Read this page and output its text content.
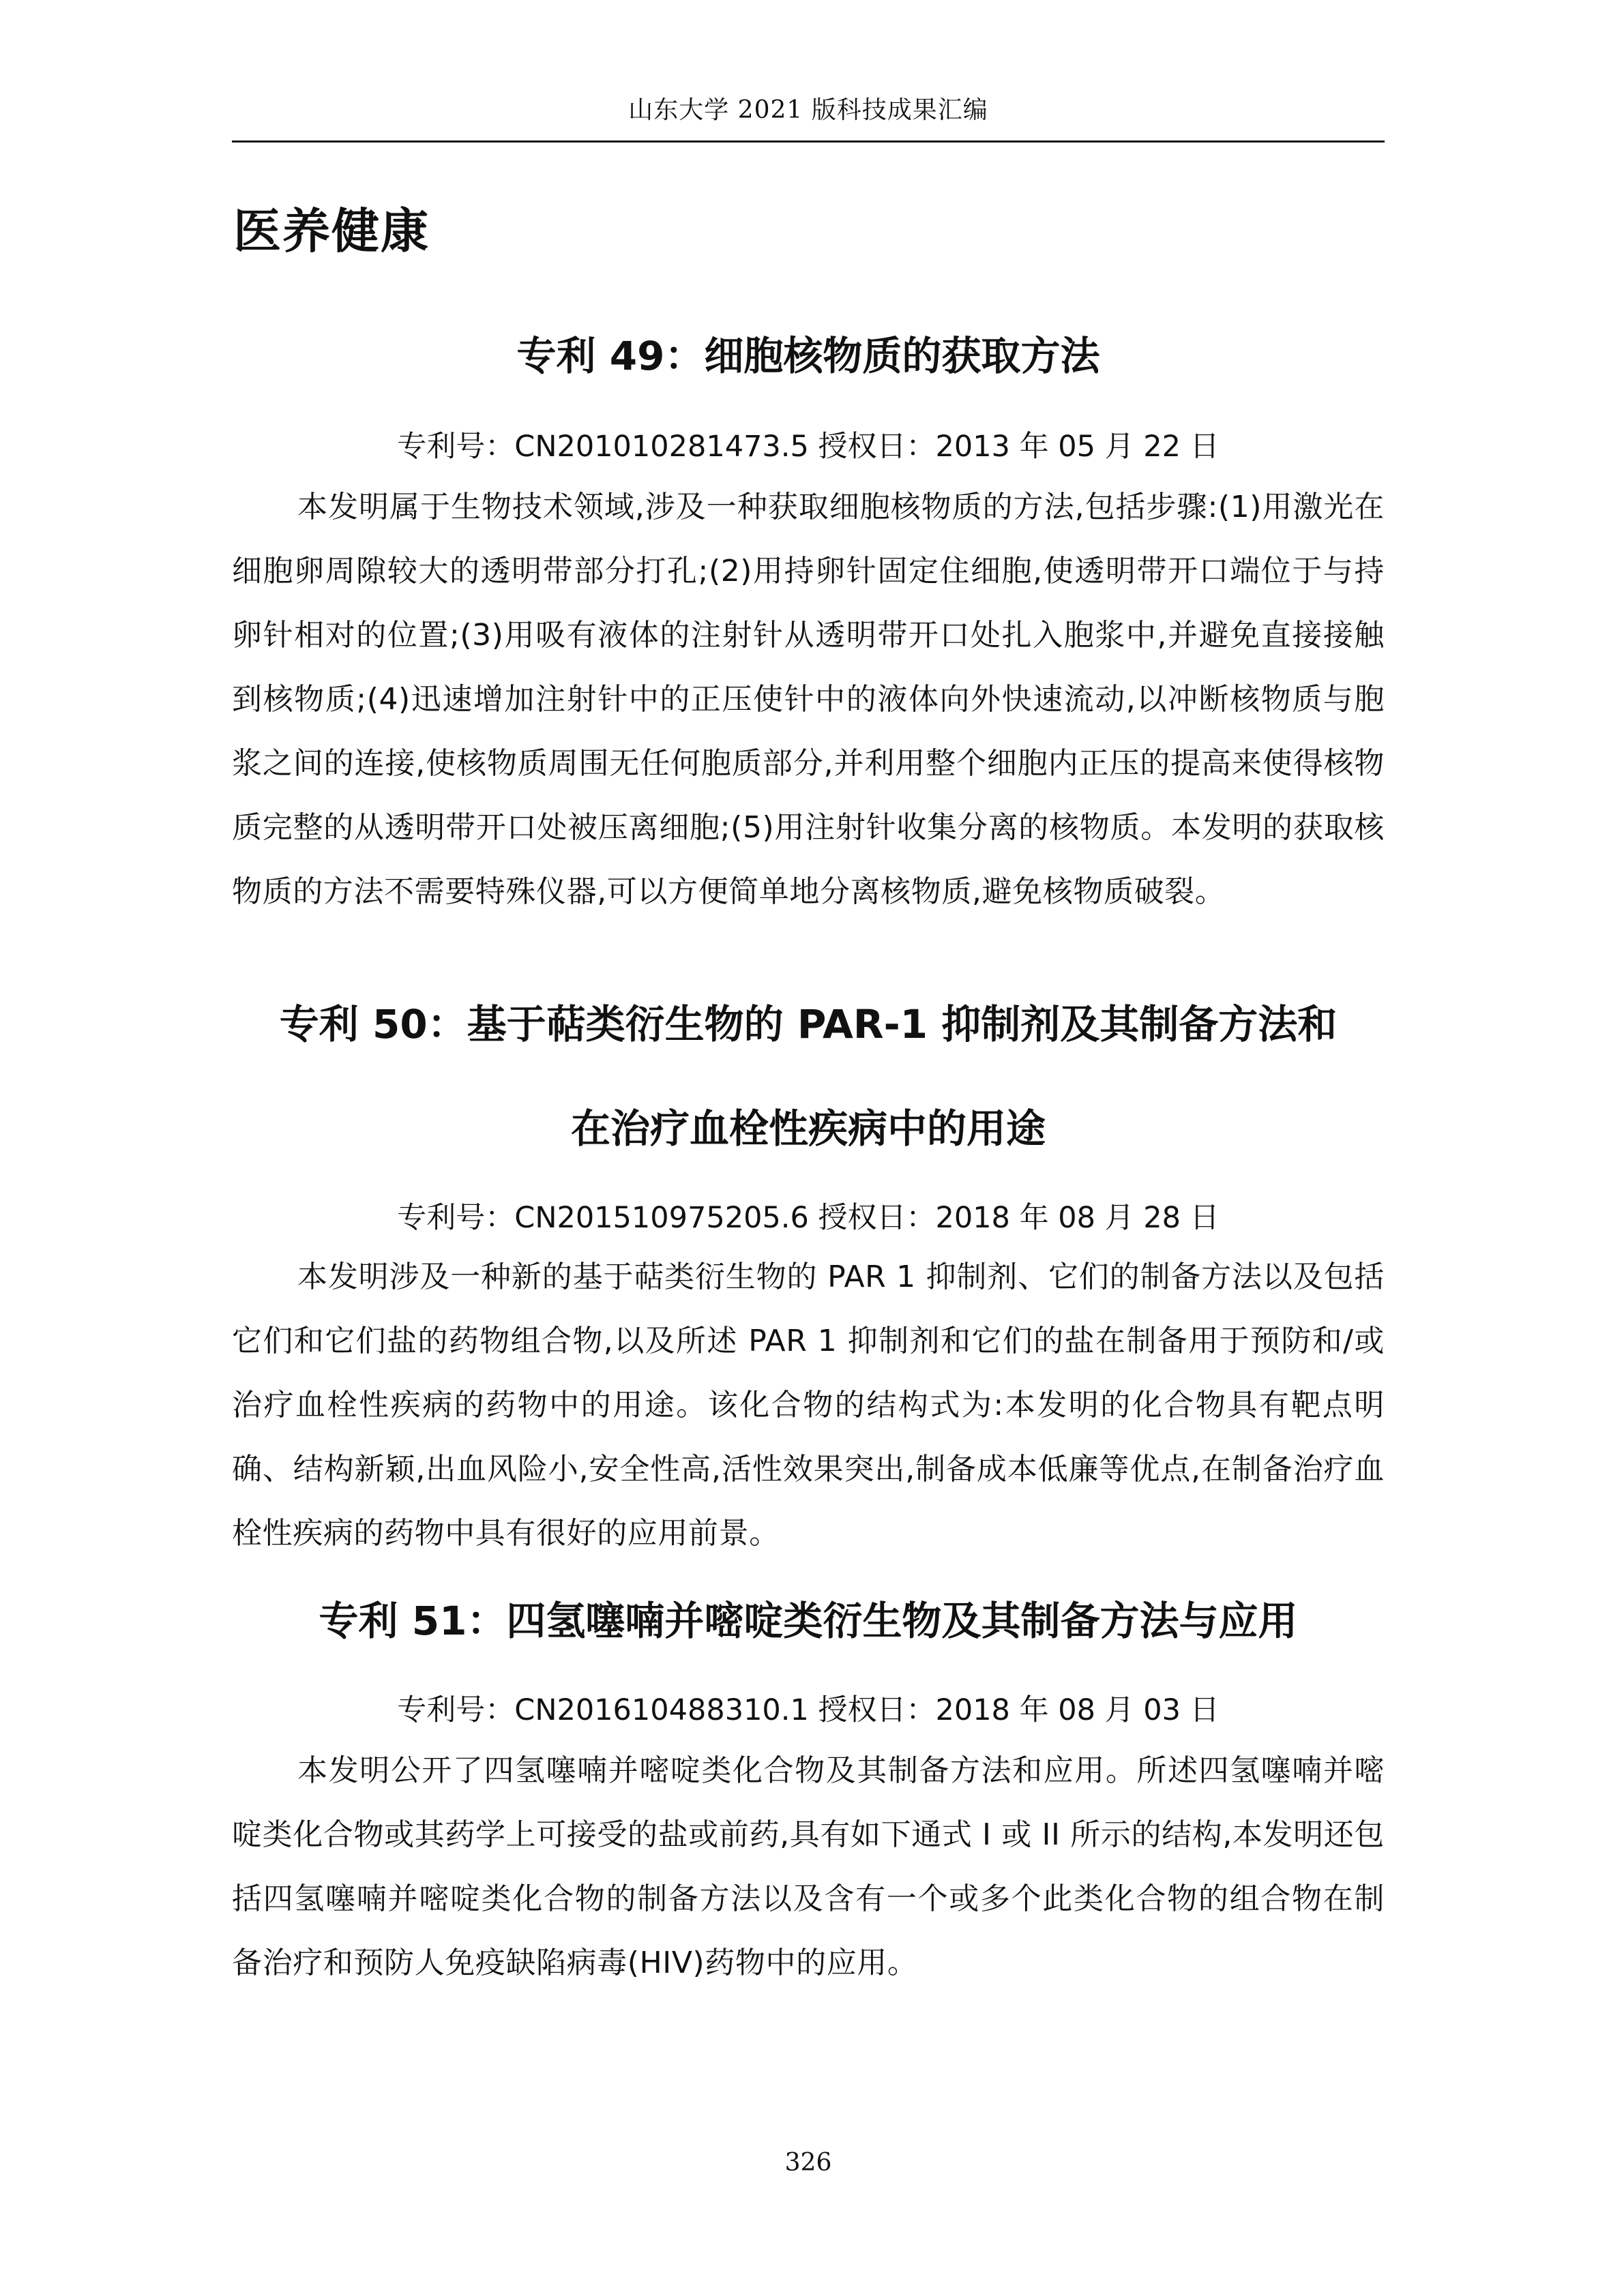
山东大学 2021 版科技成果汇编
医养健康
专利 49：细胞核物质的获取方法
专利号：CN201010281473.5 授权日：2013 年 05 月 22 日

本发明属于生物技术领域,涉及一种获取细胞核物质的方法,包括步骤:(1)用激光在细胞卵周隙较大的透明带部分打孔;(2)用持卵针固定住细胞,使透明带开口端位于与持卵针相对的位置;(3)用吸有液体的注射针从透明带开口处扎入胞浆中,并避免直接接触到核物质;(4)迅速增加注射针中的正压使针中的液体向外快速流动,以冲断核物质与胞浆之间的连接,使核物质周围无任何胞质部分,并利用整个细胞内正压的提高来使得核物质完整的从透明带开口处被压离细胞;(5)用注射针收集分离的核物质。本发明的获取核物质的方法不需要特殊仪器,可以方便简单地分离核物质,避免核物质破裂。

专利 50：基于萜类衍生物的 PAR-1 抑制剂及其制备方法和
在治疗血栓性疾病中的用途
专利号：CN201510975205.6 授权日：2018 年 08 月 28 日

本发明涉及一种新的基于萜类衍生物的 PAR 1 抑制剂、它们的制备方法以及包括它们和它们盐的药物组合物,以及所述 PAR 1 抑制剂和它们的盐在制备用于预防和/或治疗血栓性疾病的药物中的用途。该化合物的结构式为:本发明的化合物具有靶点明确、结构新颖,出血风险小,安全性高,活性效果突出,制备成本低廉等优点,在制备治疗血栓性疾病的药物中具有很好的应用前景。

专利 51：四氢噻喃并嘧啶类衍生物及其制备方法与应用
专利号：CN201610488310.1 授权日：2018 年 08 月 03 日

本发明公开了四氢噻喃并嘧啶类化合物及其制备方法和应用。所述四氢噻喃并嘧啶类化合物或其药学上可接受的盐或前药,具有如下通式 I 或 II 所示的结构,本发明还包括四氢噻喃并嘧啶类化合物的制备方法以及含有一个或多个此类化合物的组合物在制备治疗和预防人免疫缺陷病毒(HIV)药物中的应用。

326
